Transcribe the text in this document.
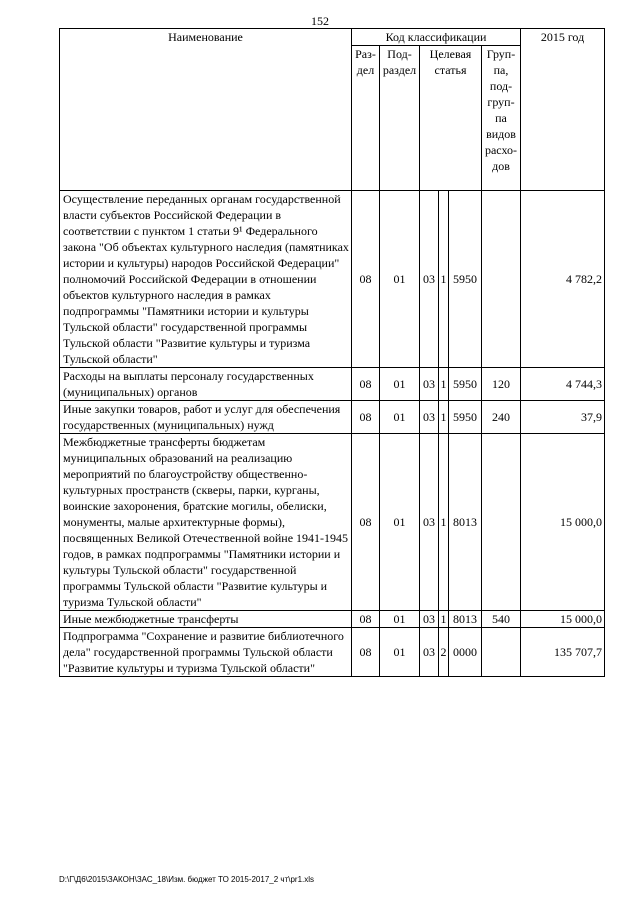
152
Наименование	Код классификации						2015 год
	Раз-дел	Под-раздел	Целевая статья			Груп-па, под-груп-па видов расхо-дов	
Осуществление переданных органам государственной власти субъектов Российской Федерации в соответствии с пунктом 1 статьи 9¹ Федерального закона "Об объектах культурного наследия (памятниках истории и культуры) народов Российской Федерации" полномочий Российской Федерации в отношении объектов культурного наследия в рамках подпрограммы "Памятники истории и культуры Тульской области" государственной программы Тульской области "Развитие культуры и туризма Тульской области"	08	01	03	1	5950		4 782,2
Расходы на выплаты персоналу государственных (муниципальных) органов	08	01	03	1	5950	120	4 744,3
Иные закупки товаров, работ и услуг для обеспечения государственных (муниципальных) нужд	08	01	03	1	5950	240	37,9
Межбюджетные трансферты бюджетам муниципальных образований на реализацию мероприятий по благоустройству общественно-культурных пространств (скверы, парки, курганы, воинские захоронения, братские могилы, обелиски, монументы, малые архитектурные формы), посвященных Великой Отечественной войне 1941-1945 годов, в рамках подпрограммы "Памятники истории и культуры Тульской области" государственной программы Тульской области "Развитие культуры и туризма Тульской области"	08	01	03	1	8013		15 000,0
Иные межбюджетные трансферты	08	01	03	1	8013	540	15 000,0
Подпрограмма "Сохранение и развитие библиотечного дела" государственной программы Тульской области "Развитие культуры и туризма Тульской области"	08	01	03	2	0000		135 707,7
D:\Г\Д6\2015\ЗАКОН\ЗАС_18\Изм. бюджет ТО 2015-2017_2 чт\pr1.xls
